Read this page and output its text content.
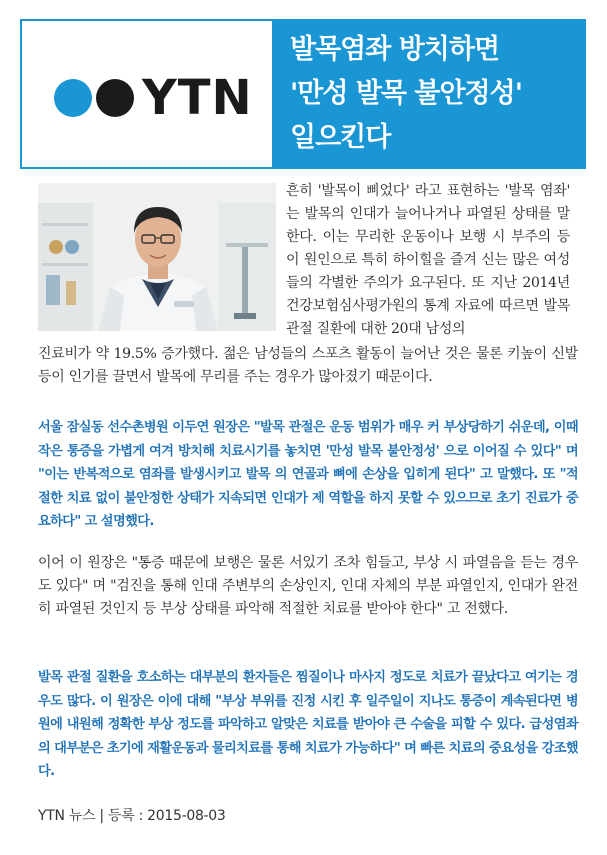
YTN
발목염좌 방치하면
'만성 발목 불안정성'
일으킨다

흔히 '발목이 삐었다' 라고 표현하는 '발목 염좌' 는 발목의 인대가 늘어나거나 파열된 상태를 말한다. 이는 무리한 운동이나 보행 시 부주의 등이 원인으로 특히 하이힐을 즐겨 신는 많은 여성들의 각별한 주의가 요구된다. 또 지난 2014년 건강보험심사평가원의 통계 자료에 따르면 발목 관절 질환에 대한 20대 남성의

진료비가 약 19.5% 증가했다. 젊은 남성들의 스포츠 활동이 늘어난 것은 물론 키높이 신발 등이 인기를 끌면서 발목에 무리를 주는 경우가 많아졌기 때문이다.

서울 잠실동 선수촌병원 이두연 원장은 "발목 관절은 운동 범위가 매우 커 부상당하기 쉬운데, 이때 작은 통증을 가볍게 여겨 방치해 치료시기를 놓치면 '만성 발목 불안정성' 으로 이어질 수 있다" 며 "이는 반복적으로 염좌를 발생시키고 발목 의 연골과 뼈에 손상을 입히게 된다" 고 말했다. 또 "적절한 치료 없이 불안정한 상태가 지속되면 인대가 제 역할을 하지 못할 수 있으므로 초기 진료가 중요하다" 고 설명했다.

이어 이 원장은 "통증 때문에 보행은 물론 서있기 조차 힘들고, 부상 시 파열음을 듣는 경우도 있다" 며 "검진을 통해 인대 주변부의 손상인지, 인대 자체의 부분 파열인지, 인대가 완전히 파열된 것인지 등 부상 상태를 파악해 적절한 치료를 받아야 한다" 고 전했다.

발목 관절 질환을 호소하는 대부분의 환자들은 찜질이나 마사지 정도로 치료가 끝났다고 여기는 경우도 많다. 이 원장은 이에 대해 "부상 부위를 진정 시킨 후 일주일이 지나도 통증이 계속된다면 병원에 내원해 정확한 부상 정도를 파악하고 알맞은 치료를 받아야 큰 수술을 피할 수 있다. 급성염좌의 대부분은 초기에 재활운동과 물리치료를 통해 치료가 가능하다" 며 빠른 치료의 중요성을 강조했다.

YTN 뉴스 | 등록 : 2015-08-03
